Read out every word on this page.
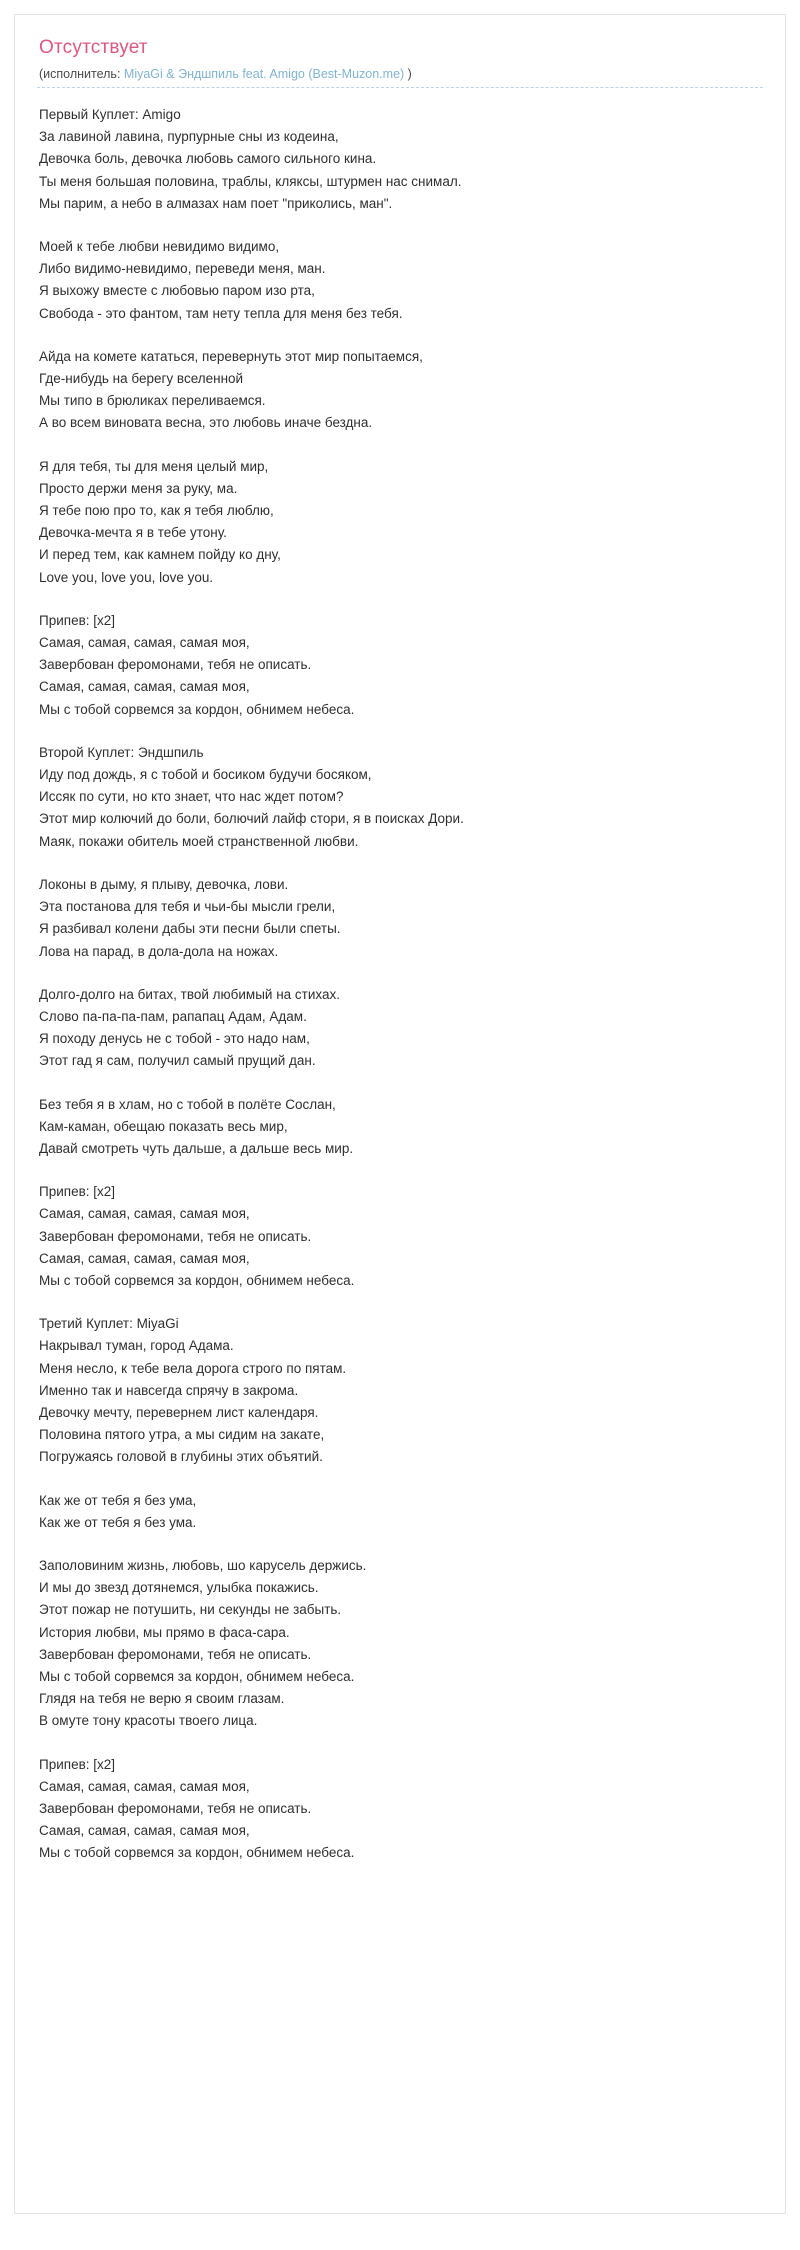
Отсутствует
(исполнитель: MiyaGi & Эндшпиль feat. Amigo (Best-Muzon.me) )

Первый Куплет: Amigo
За лавиной лавина, пурпурные сны из кодеина,
Девочка боль, девочка любовь самого сильного кина.
Ты меня большая половина, траблы, кляксы, штурмен нас снимал.
Мы парим, а небо в алмазах нам поет "приколись, ман".

Моей к тебе любви невидимо видимо,
Либо видимо-невидимо, переведи меня, ман.
Я выхожу вместе с любовью паром изо рта,
Свобода - это фантом, там нету тепла для меня без тебя.

Айда на комете кататься, перевернуть этот мир попытаемся,
Где-нибудь на берегу вселенной
Мы типо в брюликах переливаемся.
А во всем виновата весна, это любовь иначе бездна.

Я для тебя, ты для меня целый мир,
Просто держи меня за руку, ма.
Я тебе пою про то, как я тебя люблю,
Девочка-мечта я в тебе утону.
И перед тем, как камнем пойду ко дну,
Love you, love you, love you.

Припев: [х2]
Самая, самая, самая, самая моя,
Завербован феромонами, тебя не описать.
Самая, самая, самая, самая моя,
Мы с тобой сорвемся за кордон, обнимем небеса.

Второй Куплет: Эндшпиль
Иду под дождь, я с тобой и босиком будучи босяком,
Иссяк по сути, но кто знает, что нас ждет потом?
Этот мир колючий до боли, болючий лайф стори, я в поисках Дори.
Маяк, покажи обитель моей странственной любви.

Локоны в дыму, я плыву, девочка, лови.
Эта постанова для тебя и чьи-бы мысли грели,
Я разбивал колени дабы эти песни были спеты.
Лова на парад, в дола-дола на ножах.

Долго-долго на битах, твой любимый на стихах.
Слово па-па-па-пам, рапапац Адам, Адам.
Я походу денусь не с тобой - это надо нам,
Этот гад я сам, получил самый прущий дан.

Без тебя я в хлам, но с тобой в полёте Сослан,
Кам-каман, обещаю показать весь мир,
Давай смотреть чуть дальше, а дальше весь мир.

Припев: [х2]
Самая, самая, самая, самая моя,
Завербован феромонами, тебя не описать.
Самая, самая, самая, самая моя,
Мы с тобой сорвемся за кордон, обнимем небеса.

Третий Куплет: MiyaGi
Накрывал туман, город Адама.
Меня несло, к тебе вела дорога строго по пятам.
Именно так и навсегда спрячу в закрома.
Девочку мечту, перевернем лист календаря.
Половина пятого утра, а мы сидим на закате,
Погружаясь головой в глубины этих объятий.

Как же от тебя я без ума,
Как же от тебя я без ума.

Заполовиним жизнь, любовь, шо карусель держись.
И мы до звезд дотянемся, улыбка покажись.
Этот пожар не потушить, ни секунды не забыть.
История любви, мы прямо в фаса-сара.
Завербован феромонами, тебя не описать.
Мы с тобой сорвемся за кордон, обнимем небеса.
Глядя на тебя не верю я своим глазам.
В омуте тону красоты твоего лица.

Припев: [х2]
Самая, самая, самая, самая моя,
Завербован феромонами, тебя не описать.
Самая, самая, самая, самая моя,
Мы с тобой сорвемся за кордон, обнимем небеса.
